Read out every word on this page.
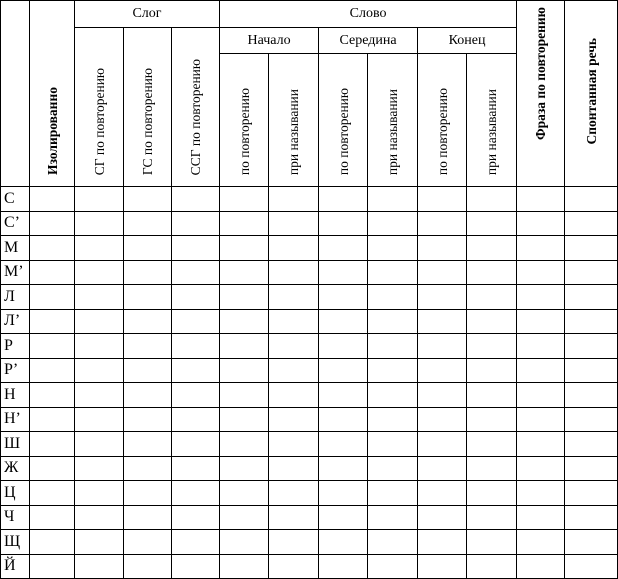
	Изолированно	Слог			Слово						Фраза по повторению	Спонтанная речь
		СГ по повторению	ГС по повторению	ССГ по повторению	Начало		Середина		Конец			
					по повторению	при назывании	по повторению	при назывании	по повторению	при назывании		
С												
С’												
М												
М’												
Л												
Л’												
Р												
Р’												
Н												
Н’												
Ш												
Ж												
Ц												
Ч												
Щ												
Й												
